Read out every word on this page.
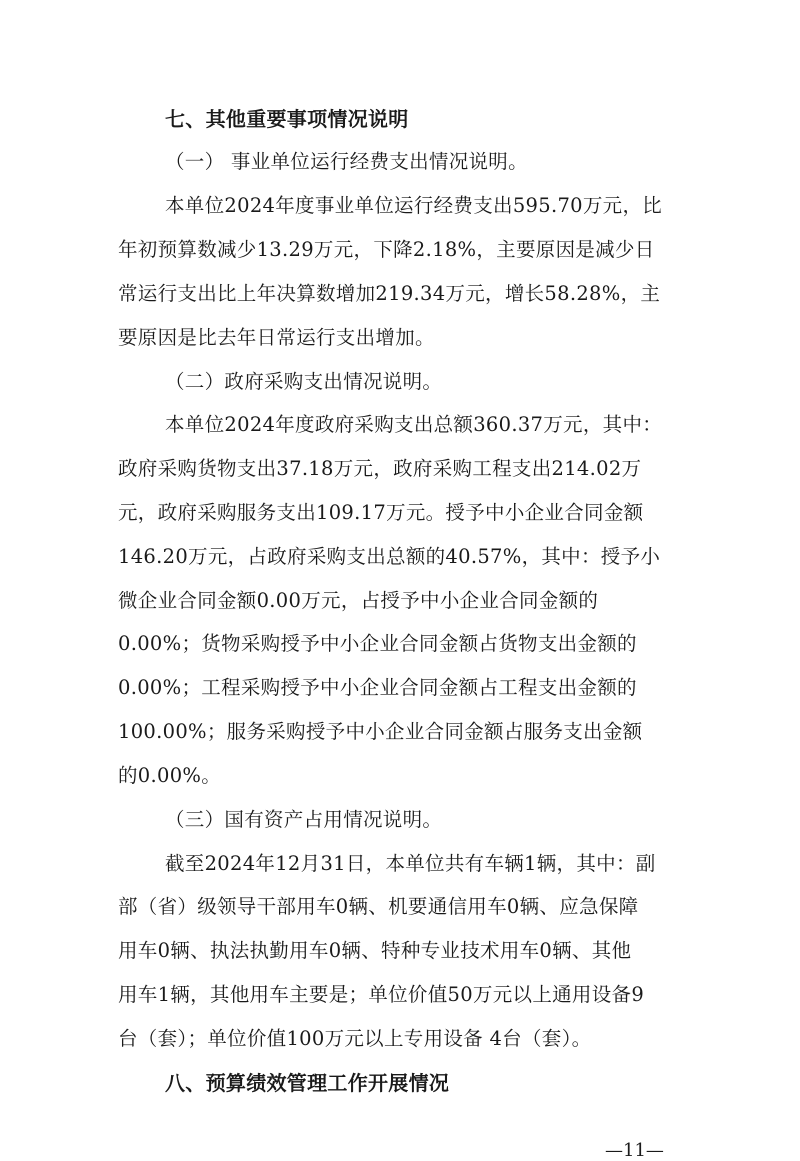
七、其他重要事项情况说明
（一） 事业单位运行经费支出情况说明。
本单位2024年度事业单位运行经费支出595.70万元，比
年初预算数减少13.29万元，下降2.18%，主要原因是减少日
常运行支出比上年决算数增加219.34万元，增长58.28%，主
要原因是比去年日常运行支出增加。
（二）政府采购支出情况说明。
本单位2024年度政府采购支出总额360.37万元，其中：
政府采购货物支出37.18万元，政府采购工程支出214.02万
元，政府采购服务支出109.17万元。授予中小企业合同金额
146.20万元，占政府采购支出总额的40.57%，其中：授予小
微企业合同金额0.00万元，占授予中小企业合同金额的
0.00%；货物采购授予中小企业合同金额占货物支出金额的
0.00%；工程采购授予中小企业合同金额占工程支出金额的
100.00%；服务采购授予中小企业合同金额占服务支出金额
的0.00%。
（三）国有资产占用情况说明。
截至2024年12月31日，本单位共有车辆1辆，其中：副
部（省）级领导干部用车0辆、机要通信用车0辆、应急保障
用车0辆、执法执勤用车0辆、特种专业技术用车0辆、其他
用车1辆，其他用车主要是；单位价值50万元以上通用设备9
台（套）；单位价值100万元以上专用设备 4台（套）。
八、预算绩效管理工作开展情况
—11—
